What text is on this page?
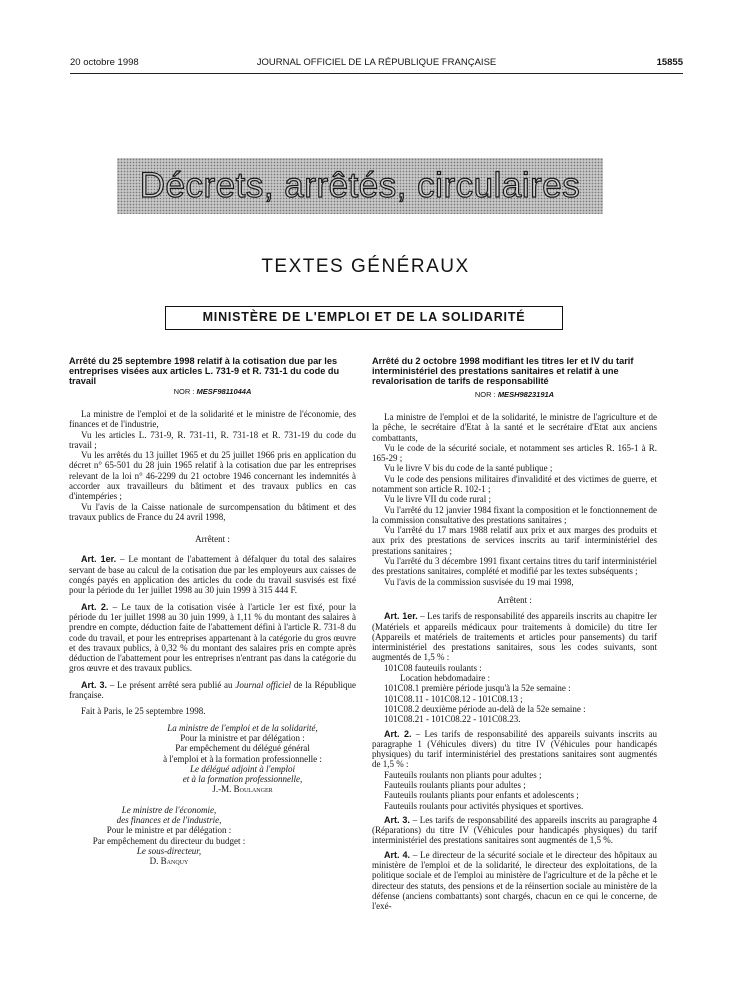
20 octobre 1998	JOURNAL OFFICIEL DE LA RÉPUBLIQUE FRANÇAISE	15855
Décrets, arrêtés, circulaires
TEXTES GÉNÉRAUX
MINISTÈRE DE L'EMPLOI ET DE LA SOLIDARITÉ

Arrêté du 25 septembre 1998 relatif à la cotisation due par les entreprises visées aux articles L. 731-9 et R. 731-1 du code du travail

NOR : MESF9811044A

La ministre de l'emploi et de la solidarité et le ministre de l'économie, des finances et de l'industrie,

Vu les articles L. 731-9, R. 731-11, R. 731-18 et R. 731-19 du code du travail ;

Vu les arrêtés du 13 juillet 1965 et du 25 juillet 1966 pris en application du décret n° 65-501 du 28 juin 1965 relatif à la cotisation due par les entreprises relevant de la loi n° 46-2299 du 21 octobre 1946 concernant les indemnités à accorder aux travailleurs du bâtiment et des travaux publics en cas d'intempéries ;

Vu l'avis de la Caisse nationale de surcompensation du bâtiment et des travaux publics de France du 24 avril 1998,

Arrêtent :

Art. 1er. – Le montant de l'abattement à défalquer du total des salaires servant de base au calcul de la cotisation due par les employeurs aux caisses de congés payés en application des articles du code du travail susvisés est fixé pour la période du 1er juillet 1998 au 30 juin 1999 à 315 444 F.

Art. 2. – Le taux de la cotisation visée à l'article 1er est fixé, pour la période du 1er juillet 1998 au 30 juin 1999, à 1,11 % du montant des salaires à prendre en compte, déduction faite de l'abattement défini à l'article R. 731-8 du code du travail, et pour les entreprises appartenant à la catégorie du gros œuvre et des travaux publics, à 0,32 % du montant des salaires pris en compte après déduction de l'abattement pour les entreprises n'entrant pas dans la catégorie du gros œuvre et des travaux publics.

Art. 3. – Le présent arrêté sera publié au Journal officiel de la République française.

Fait à Paris, le 25 septembre 1998.

La ministre de l'emploi et de la solidarité,

Pour la ministre et par délégation :

Par empêchement du délégué général

à l'emploi et à la formation professionnelle :

Le délégué adjoint à l'emploi

et à la formation professionnelle,

J.-M. Boulanger

Le ministre de l'économie,

des finances et de l'industrie,

Pour le ministre et par délégation :

Par empêchement du directeur du budget :

Le sous-directeur,

D. Banquy

Arrêté du 2 octobre 1998 modifiant les titres Ier et IV du tarif interministériel des prestations sanitaires et relatif à une revalorisation de tarifs de responsabilité

NOR : MESH9823191A

La ministre de l'emploi et de la solidarité, le ministre de l'agriculture et de la pêche, le secrétaire d'Etat à la santé et le secrétaire d'Etat aux anciens combattants,

Vu le code de la sécurité sociale, et notamment ses articles R. 165-1 à R. 165-29 ;

Vu le livre V bis du code de la santé publique ;

Vu le code des pensions militaires d'invalidité et des victimes de guerre, et notamment son article R. 102-1 ;

Vu le livre VII du code rural ;

Vu l'arrêté du 12 janvier 1984 fixant la composition et le fonctionnement de la commission consultative des prestations sanitaires ;

Vu l'arrêté du 17 mars 1988 relatif aux prix et aux marges des produits et aux prix des prestations de services inscrits au tarif interministériel des prestations sanitaires ;

Vu l'arrêté du 3 décembre 1991 fixant certains titres du tarif interministériel des prestations sanitaires, complété et modifié par les textes subséquents ;

Vu l'avis de la commission susvisée du 19 mai 1998,

Arrêtent :

Art. 1er. – Les tarifs de responsabilité des appareils inscrits au chapitre Ier (Matériels et appareils médicaux pour traitements à domicile) du titre Ier (Appareils et matériels de traitements et articles pour pansements) du tarif interministériel des prestations sanitaires, sous les codes suivants, sont augmentés de 1,5 % :

101C08 fauteuils roulants :

Location hebdomadaire :

101C08.1 première période jusqu'à la 52e semaine :

101C08.11 - 101C08.12 - 101C08.13 ;

101C08.2 deuxième période au-delà de la 52e semaine :

101C08.21 - 101C08.22 - 101C08.23.

Art. 2. – Les tarifs de responsabilité des appareils suivants inscrits au paragraphe 1 (Véhicules divers) du titre IV (Véhicules pour handicapés physiques) du tarif interministériel des prestations sanitaires sont augmentés de 1,5 % :

Fauteuils roulants non pliants pour adultes ;

Fauteuils roulants pliants pour adultes ;

Fauteuils roulants pliants pour enfants et adolescents ;

Fauteuils roulants pour activités physiques et sportives.

Art. 3. – Les tarifs de responsabilité des appareils inscrits au paragraphe 4 (Réparations) du titre IV (Véhicules pour handicapés physiques) du tarif interministériel des prestations sanitaires sont augmentés de 1,5 %.

Art. 4. – Le directeur de la sécurité sociale et le directeur des hôpitaux au ministère de l'emploi et de la solidarité, le directeur des exploitations, de la politique sociale et de l'emploi au ministère de l'agriculture et de la pêche et le directeur des statuts, des pensions et de la réinsertion sociale au ministère de la défense (anciens combattants) sont chargés, chacun en ce qui le concerne, de l'exé-
